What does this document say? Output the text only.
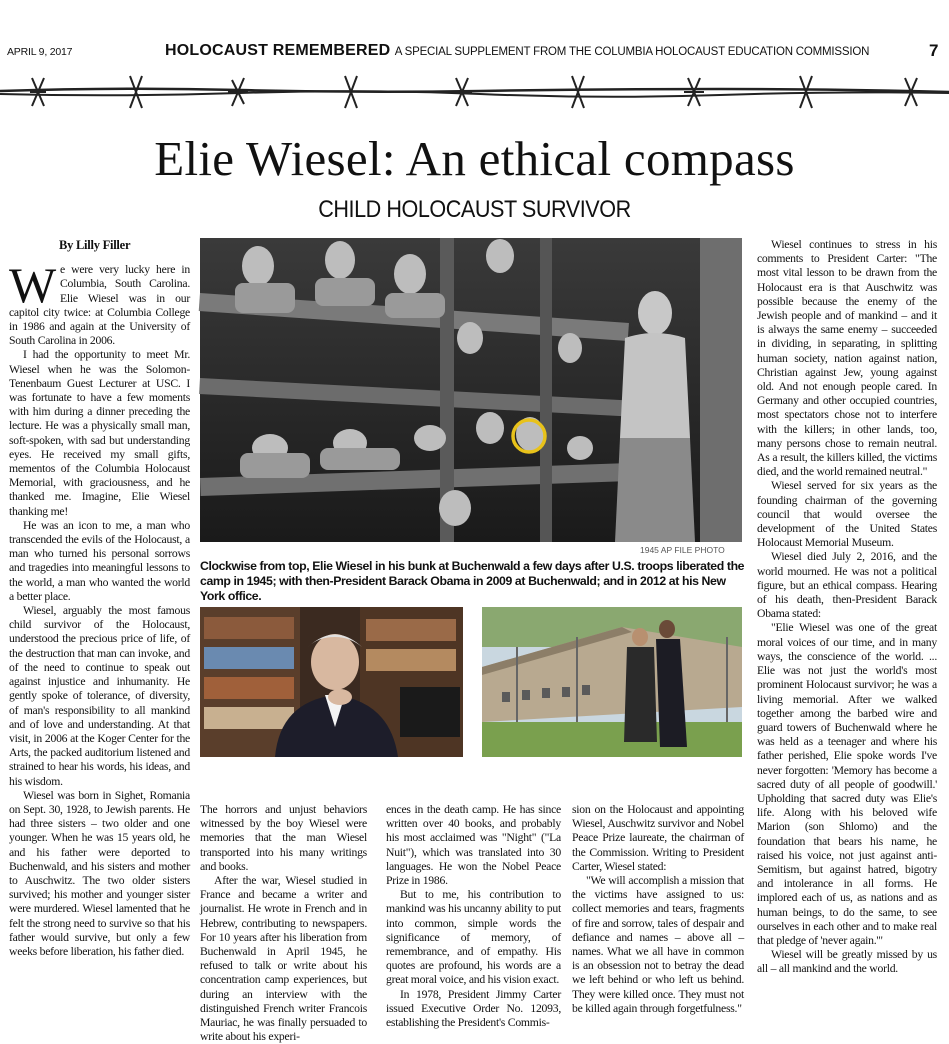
APRIL 9, 2017	HOLOCAUST REMEMBERED A SPECIAL SUPPLEMENT FROM THE COLUMBIA HOLOCAUST EDUCATION COMMISSION	7
Elie Wiesel: An ethical compass
CHILD HOLOCAUST SURVIVOR
By Lilly Filler

We were very lucky here in Columbia, South Carolina. Elie Wiesel was in our capitol city twice: at Columbia College in 1986 and again at the University of South Carolina in 2006.

I had the opportunity to meet Mr. Wiesel when he was the Solomon-Tenenbaum Guest Lecturer at USC. I was fortunate to have a few moments with him during a dinner preceding the lecture. He was a physically small man, soft-spoken, with sad but understanding eyes. He received my small gifts, mementos of the Columbia Holocaust Memorial, with graciousness, and he thanked me. Imagine, Elie Wiesel thanking me!

He was an icon to me, a man who transcended the evils of the Holocaust, a man who turned his personal sorrows and tragedies into meaningful lessons to the world, a man who wanted the world a better place.

Wiesel, arguably the most famous child survivor of the Holocaust, understood the precious price of life, of the destruction that man can invoke, and of the need to continue to speak out against injustice and inhumanity. He gently spoke of tolerance, of diversity, of man's responsibility to all mankind and of love and understanding. At that visit, in 2006 at the Koger Center for the Arts, the packed auditorium listened and strained to hear his words, his ideas, and his wisdom.

Wiesel was born in Sighet, Romania on Sept. 30, 1928, to Jewish parents. He had three sisters – two older and one younger. When he was 15 years old, he and his father were deported to Buchenwald, and his sisters and mother to Auschwitz. The two older sisters survived; his mother and younger sister were murdered. Wiesel lamented that he felt the strong need to survive so that his father would survive, but only a few weeks before liberation, his father died.

1945 AP FILE PHOTO
Clockwise from top, Elie Wiesel in his bunk at Buchenwald a few days after U.S. troops liberated the camp in 1945; with then-President Barack Obama in 2009 at Buchenwald; and in 2012 at his New York office.

The horrors and unjust behaviors witnessed by the boy Wiesel were memories that the man Wiesel transported into his many writings and books.

After the war, Wiesel studied in France and became a writer and journalist. He wrote in French and in Hebrew, contributing to newspapers. For 10 years after his liberation from Buchenwald in April 1945, he refused to talk or write about his concentration camp experiences, but during an interview with the distinguished French writer Francois Mauriac, he was finally persuaded to write about his experi-

ences in the death camp. He has since written over 40 books, and probably his most acclaimed was "Night" ("La Nuit"), which was translated into 30 languages. He won the Nobel Peace Prize in 1986.

But to me, his contribution to mankind was his uncanny ability to put into common, simple words the significance of memory, of remembrance, and of empathy. His quotes are profound, his words are a great moral voice, and his vision exact.

In 1978, President Jimmy Carter issued Executive Order No. 12093, establishing the President's Commis-

sion on the Holocaust and appointing Wiesel, Auschwitz survivor and Nobel Peace Prize laureate, the chairman of the Commission. Writing to President Carter, Wiesel stated:

"We will accomplish a mission that the victims have assigned to us: collect memories and tears, fragments of fire and sorrow, tales of despair and defiance and names – above all – names. What we all have in common is an obsession not to betray the dead we left behind or who left us behind. They were killed once. They must not be killed again through forgetfulness."

Wiesel continues to stress in his comments to President Carter: "The most vital lesson to be drawn from the Holocaust era is that Auschwitz was possible because the enemy of the Jewish people and of mankind – and it is always the same enemy – succeeded in dividing, in separating, in splitting human society, nation against nation, Christian against Jew, young against old. And not enough people cared. In Germany and other occupied countries, most spectators chose not to interfere with the killers; in other lands, too, many persons chose to remain neutral. As a result, the killers killed, the victims died, and the world remained neutral."

Wiesel served for six years as the founding chairman of the governing council that would oversee the development of the United States Holocaust Memorial Museum.

Wiesel died July 2, 2016, and the world mourned. He was not a political figure, but an ethical compass. Hearing of his death, then-President Barack Obama stated:

"Elie Wiesel was one of the great moral voices of our time, and in many ways, the conscience of the world. ... Elie was not just the world's most prominent Holocaust survivor; he was a living memorial. After we walked together among the barbed wire and guard towers of Buchenwald where he was held as a teenager and where his father perished, Elie spoke words I've never forgotten: 'Memory has become a sacred duty of all people of goodwill.' Upholding that sacred duty was Elie's life. Along with his beloved wife Marion (son Shlomo) and the foundation that bears his name, he raised his voice, not just against anti-Semitism, but against hatred, bigotry and intolerance in all forms. He implored each of us, as nations and as human beings, to do the same, to see ourselves in each other and to make real that pledge of 'never again.'"

Wiesel will be greatly missed by us all – all mankind and the world.
